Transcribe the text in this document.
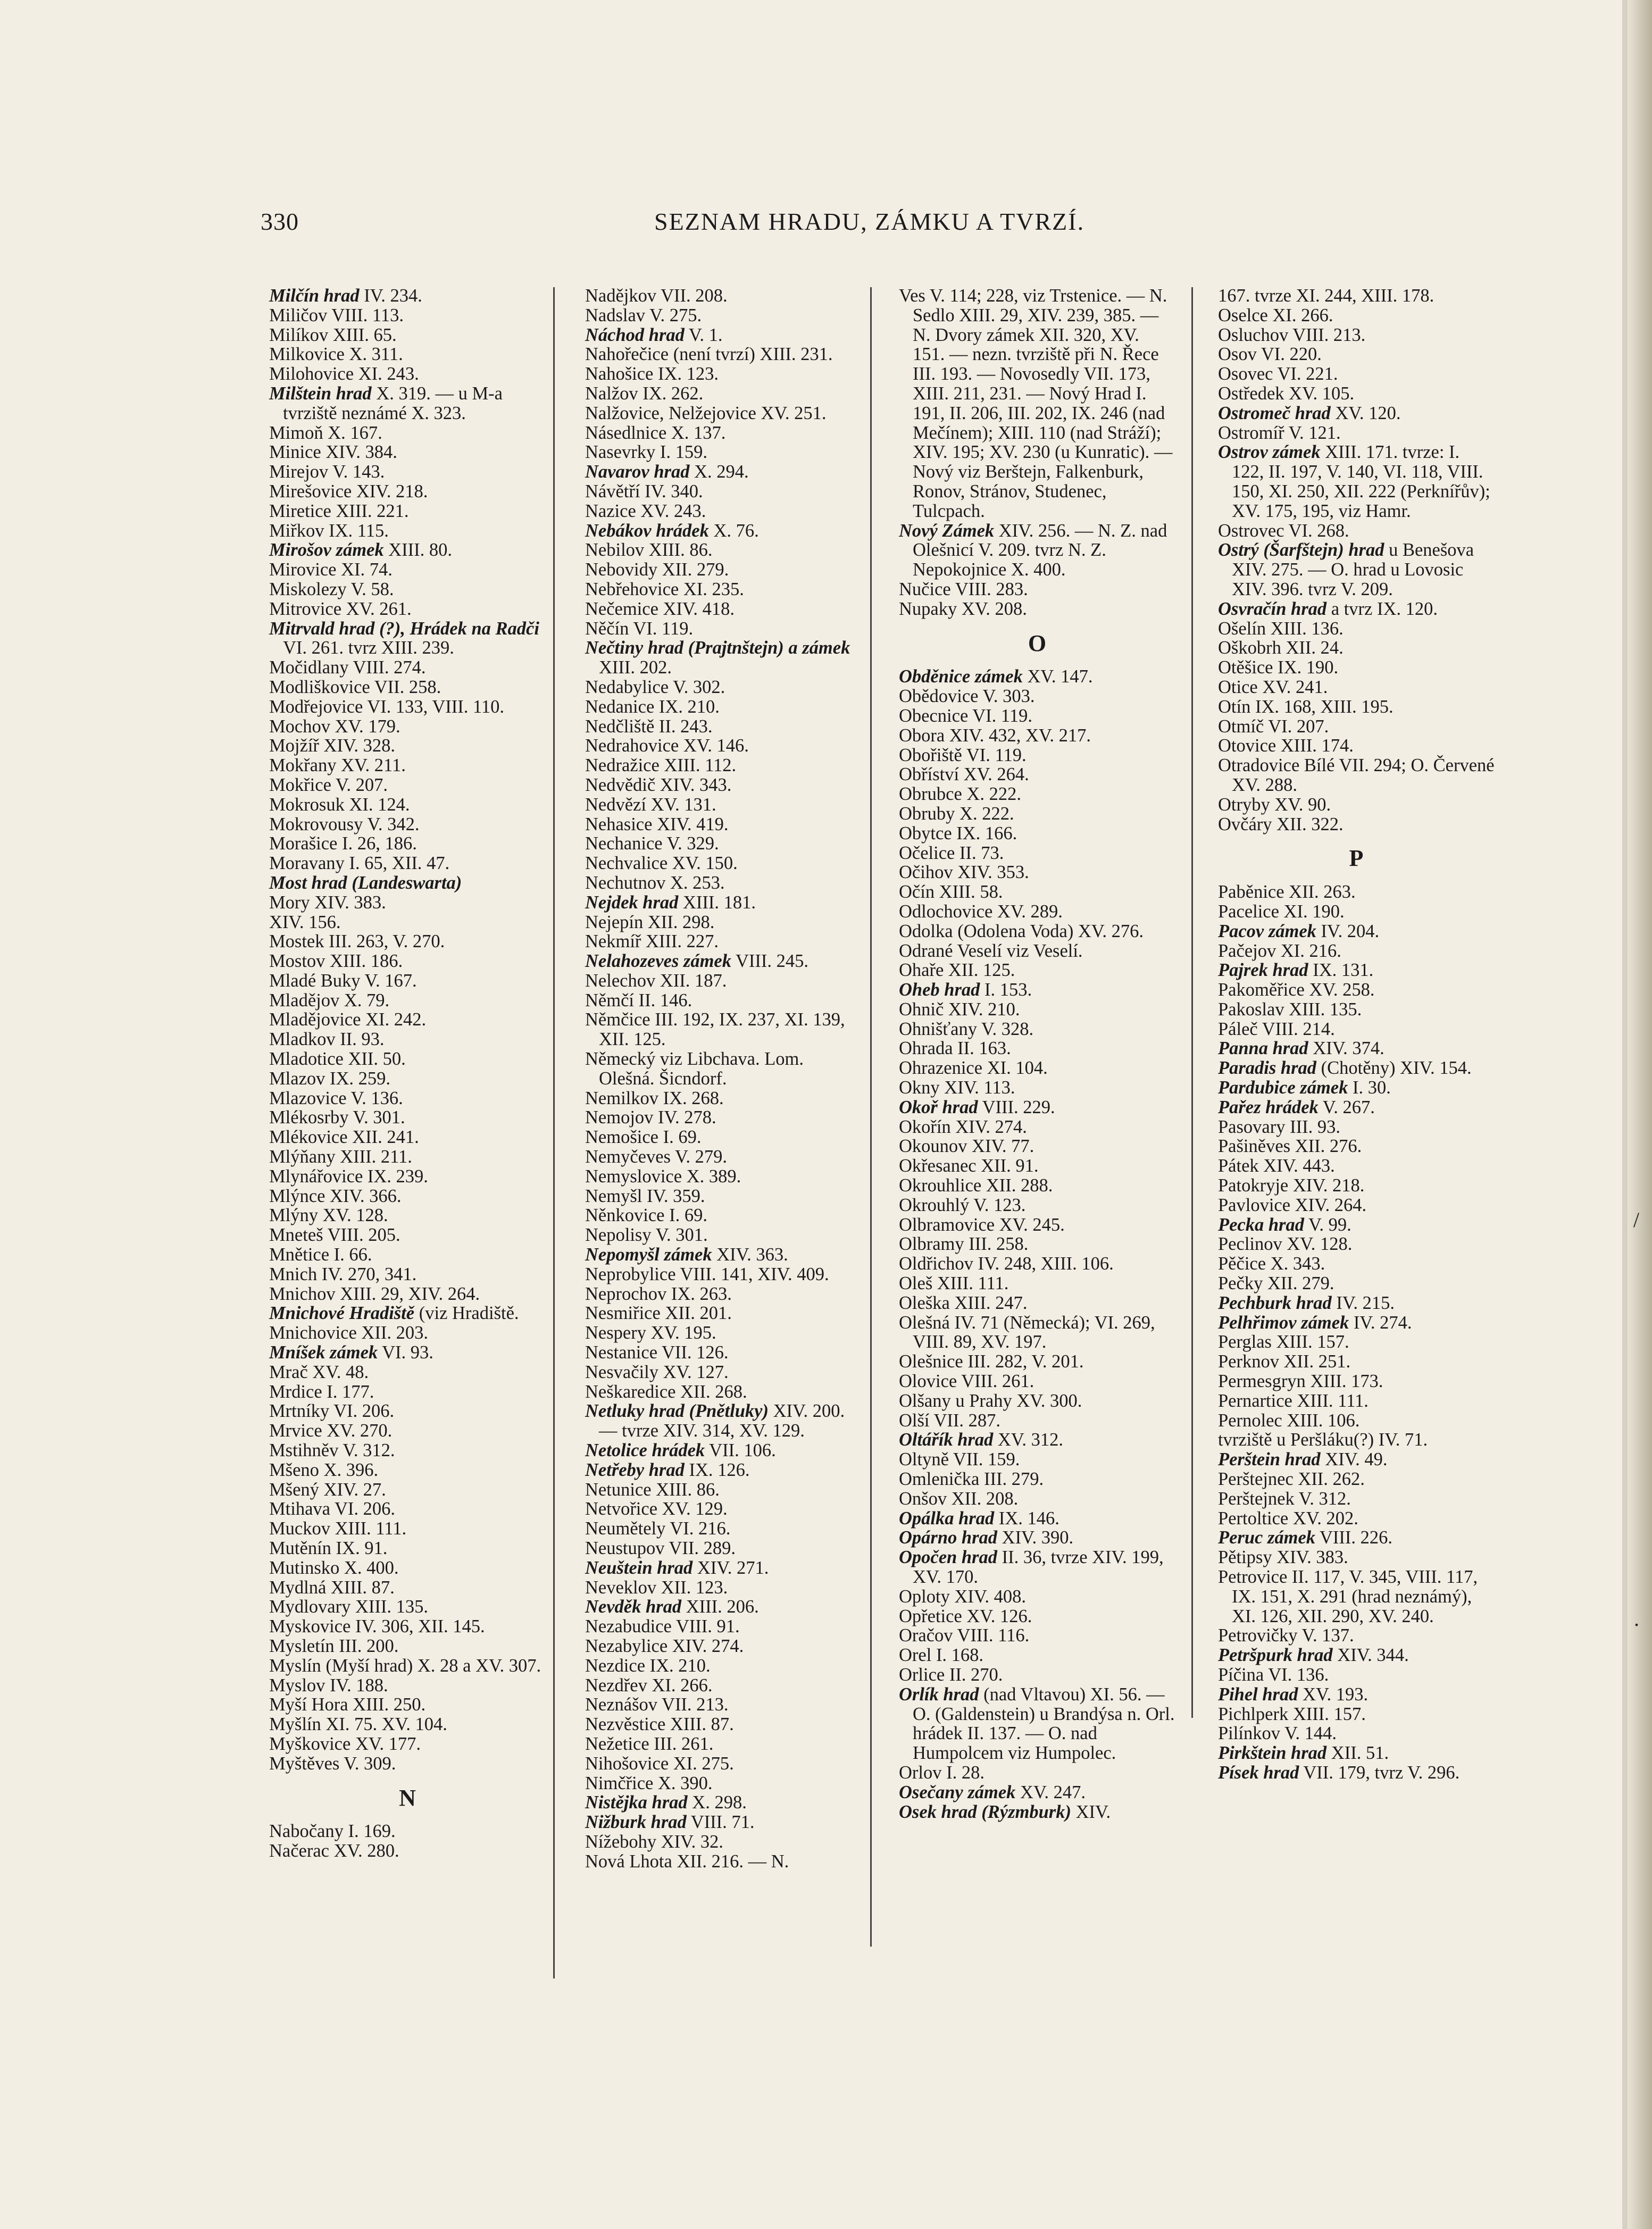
/
.
330	SEZNAM HRADU, ZÁMKU A TVRZÍ.

Milčín hrad IV. 234.

Miličov VIII. 113.

Milíkov XIII. 65.

Milkovice X. 311.

Milohovice XI. 243.

Milštein hrad X. 319. — u M-a tvrziště neznámé X. 323.

Mimoň X. 167.

Minice XIV. 384.

Mirejov V. 143.

Mirešovice XIV. 218.

Miretice XIII. 221.

Miřkov IX. 115.

Mirošov zámek XIII. 80.

Mirovice XI. 74.

Miskolezy V. 58.

Mitrovice XV. 261.

Mitrvald hrad (?), Hrádek na Radči VI. 261. tvrz XIII. 239.

Močidlany VIII. 274.

Modliškovice VII. 258.

Modřejovice VI. 133, VIII. 110.

Mochov XV. 179.

Mojžíř XIV. 328.

Mokřany XV. 211.

Mokřice V. 207.

Mokrosuk XI. 124.

Mokrovousy V. 342.

Morašice I. 26, 186.

Moravany I. 65, XII. 47.

Most hrad (Landeswarta)

Mory XIV. 383.

XIV. 156.

Mostek III. 263, V. 270.

Mostov XIII. 186.

Mladé Buky V. 167.

Mladějov X. 79.

Mladějovice XI. 242.

Mladkov II. 93.

Mladotice XII. 50.

Mlazov IX. 259.

Mlazovice V. 136.

Mlékosrby V. 301.

Mlékovice XII. 241.

Mlýňany XIII. 211.

Mlynářovice IX. 239.

Mlýnce XIV. 366.

Mlýny XV. 128.

Mneteš VIII. 205.

Mnětice I. 66.

Mnich IV. 270, 341.

Mnichov XIII. 29, XIV. 264.

Mnichové Hradiště (viz Hradiště.

Mnichovice XII. 203.

Mníšek zámek VI. 93.

Mrač XV. 48.

Mrdice I. 177.

Mrtníky VI. 206.

Mrvice XV. 270.

Mstihněv V. 312.

Mšeno X. 396.

Mšený XIV. 27.

Mtihava VI. 206.

Muckov XIII. 111.

Mutěnín IX. 91.

Mutinsko X. 400.

Mydlná XIII. 87.

Mydlovary XIII. 135.

Myskovice IV. 306, XII. 145.

Mysletín III. 200.

Myslín (Myší hrad) X. 28 a XV. 307.

Myslov IV. 188.

Myší Hora XIII. 250.

Myšlín XI. 75. XV. 104.

Myškovice XV. 177.

Myštěves V. 309.

N

Nabočany I. 169.

Načerac XV. 280.

Nadějkov VII. 208.

Nadslav V. 275.

Náchod hrad V. 1.

Nahořečice (není tvrzí) XIII. 231.

Nahošice IX. 123.

Nalžov IX. 262.

Nalžovice, Nelžejovice XV. 251.

Násedlnice X. 137.

Nasevrky I. 159.

Navarov hrad X. 294.

Návětří IV. 340.

Nazice XV. 243.

Nebákov hrádek X. 76.

Nebilov XIII. 86.

Nebovidy XII. 279.

Nebřehovice XI. 235.

Nečemice XIV. 418.

Něčín VI. 119.

Nečtiny hrad (Prajtnštejn) a zámek XIII. 202.

Nedabylice V. 302.

Nedanice IX. 210.

Nedčliště II. 243.

Nedrahovice XV. 146.

Nedražice XIII. 112.

Nedvědič XIV. 343.

Nedvězí XV. 131.

Nehasice XIV. 419.

Nechanice V. 329.

Nechvalice XV. 150.

Nechutnov X. 253.

Nejdek hrad XIII. 181.

Nejepín XII. 298.

Nekmíř XIII. 227.

Nelahozeves zámek VIII. 245.

Nelechov XII. 187.

Němčí II. 146.

Němčice III. 192, IX. 237, XI. 139, XII. 125.

Německý viz Libchava. Lom. Olešná. Šicndorf.

Nemilkov IX. 268.

Nemojov IV. 278.

Nemošice I. 69.

Nemyčeves V. 279.

Nemyslovice X. 389.

Nemyšl IV. 359.

Něnkovice I. 69.

Nepolisy V. 301.

Nepomyšl zámek XIV. 363.

Neprobylice VIII. 141, XIV. 409.

Neprochov IX. 263.

Nesmiřice XII. 201.

Nespery XV. 195.

Nestanice VII. 126.

Nesvačily XV. 127.

Neškaredice XII. 268.

Netluky hrad (Pnětluky) XIV. 200. — tvrze XIV. 314, XV. 129.

Netolice hrádek VII. 106.

Netřeby hrad IX. 126.

Netunice XIII. 86.

Netvořice XV. 129.

Neumětely VI. 216.

Neustupov VII. 289.

Neuštein hrad XIV. 271.

Neveklov XII. 123.

Nevděk hrad XIII. 206.

Nezabudice VIII. 91.

Nezabylice XIV. 274.

Nezdice IX. 210.

Nezdřev XI. 266.

Neznášov VII. 213.

Nezvěstice XIII. 87.

Nežetice III. 261.

Nihošovice XI. 275.

Nimčřice X. 390.

Nistějka hrad X. 298.

Nižburk hrad VIII. 71.

Nížebohy XIV. 32.

Nová Lhota XII. 216. — N.

Ves V. 114; 228, viz Trstenice. — N. Sedlo XIII. 29, XIV. 239, 385. — N. Dvory zámek XII. 320, XV. 151. — nezn. tvrziště při N. Řece III. 193. — Novosedly VII. 173, XIII. 211, 231. — Nový Hrad I. 191, II. 206, III. 202, IX. 246 (nad Mečínem); XIII. 110 (nad Stráží); XIV. 195; XV. 230 (u Kunratic). — Nový viz Berštejn, Falkenburk, Ronov, Stránov, Studenec, Tulcpach.

Nový Zámek XIV. 256. — N. Z. nad Olešnicí V. 209. tvrz N. Z. Nepokojnice X. 400.

Nučice VIII. 283.

Nupaky XV. 208.

O

Obděnice zámek XV. 147.

Obědovice V. 303.

Obecnice VI. 119.

Obora XIV. 432, XV. 217.

Obořiště VI. 119.

Obříství XV. 264.

Obrubce X. 222.

Obruby X. 222.

Obytce IX. 166.

Očelice II. 73.

Očihov XIV. 353.

Očín XIII. 58.

Odlochovice XV. 289.

Odolka (Odolena Voda) XV. 276.

Odrané Veselí viz Veselí.

Ohaře XII. 125.

Oheb hrad I. 153.

Ohnič XIV. 210.

Ohnišťany V. 328.

Ohrada II. 163.

Ohrazenice XI. 104.

Okny XIV. 113.

Okoř hrad VIII. 229.

Okořín XIV. 274.

Okounov XIV. 77.

Okřesanec XII. 91.

Okrouhlice XII. 288.

Okrouhlý V. 123.

Olbramovice XV. 245.

Olbramy III. 258.

Oldřichov IV. 248, XIII. 106.

Oleš XIII. 111.

Oleška XIII. 247.

Olešná IV. 71 (Německá); VI. 269, VIII. 89, XV. 197.

Olešnice III. 282, V. 201.

Olovice VIII. 261.

Olšany u Prahy XV. 300.

Olší VII. 287.

Oltářík hrad XV. 312.

Oltyně VII. 159.

Omlenička III. 279.

Onšov XII. 208.

Opálka hrad IX. 146.

Opárno hrad XIV. 390.

Opočen hrad II. 36, tvrze XIV. 199, XV. 170.

Oploty XIV. 408.

Opřetice XV. 126.

Oračov VIII. 116.

Orel I. 168.

Orlice II. 270.

Orlík hrad (nad Vltavou) XI. 56. — O. (Galdenstein) u Brandýsa n. Orl. hrádek II. 137. — O. nad Humpolcem viz Humpolec.

Orlov I. 28.

Osečany zámek XV. 247.

Osek hrad (Rýzmburk) XIV.

167. tvrze XI. 244, XIII. 178.

Oselce XI. 266.

Osluchov VIII. 213.

Osov VI. 220.

Osovec VI. 221.

Ostředek XV. 105.

Ostromeč hrad XV. 120.

Ostromíř V. 121.

Ostrov zámek XIII. 171. tvrze: I. 122, II. 197, V. 140, VI. 118, VIII. 150, XI. 250, XII. 222 (Perknířův); XV. 175, 195, viz Hamr.

Ostrovec VI. 268.

Ostrý (Šarfštejn) hrad u Benešova XIV. 275. — O. hrad u Lovosic XIV. 396. tvrz V. 209.

Osvračín hrad a tvrz IX. 120.

Ošelín XIII. 136.

Oškobrh XII. 24.

Otěšice IX. 190.

Otice XV. 241.

Otín IX. 168, XIII. 195.

Otmíč VI. 207.

Otovice XIII. 174.

Otradovice Bílé VII. 294; O. Červené XV. 288.

Otryby XV. 90.

Ovčáry XII. 322.

P

Paběnice XII. 263.

Pacelice XI. 190.

Pacov zámek IV. 204.

Pačejov XI. 216.

Pajrek hrad IX. 131.

Pakoměřice XV. 258.

Pakoslav XIII. 135.

Páleč VIII. 214.

Panna hrad XIV. 374.

Paradis hrad (Chotěny) XIV. 154.

Pardubice zámek I. 30.

Pařez hrádek V. 267.

Pasovary III. 93.

Pašiněves XII. 276.

Pátek XIV. 443.

Patokryje XIV. 218.

Pavlovice XIV. 264.

Pecka hrad V. 99.

Peclinov XV. 128.

Pěčice X. 343.

Pečky XII. 279.

Pechburk hrad IV. 215.

Pelhřimov zámek IV. 274.

Perglas XIII. 157.

Perknov XII. 251.

Permesgryn XIII. 173.

Pernartice XIII. 111.

Pernolec XIII. 106.

tvrziště u Peršláku(?) IV. 71.

Perštein hrad XIV. 49.

Perštejnec XII. 262.

Perštejnek V. 312.

Pertoltice XV. 202.

Peruc zámek VIII. 226.

Pětipsy XIV. 383.

Petrovice II. 117, V. 345, VIII. 117, IX. 151, X. 291 (hrad neznámý), XI. 126, XII. 290, XV. 240.

Petrovičky V. 137.

Petršpurk hrad XIV. 344.

Píčina VI. 136.

Pihel hrad XV. 193.

Pichlperk XIII. 157.

Pilínkov V. 144.

Pirkštein hrad XII. 51.

Písek hrad VII. 179, tvrz V. 296.
